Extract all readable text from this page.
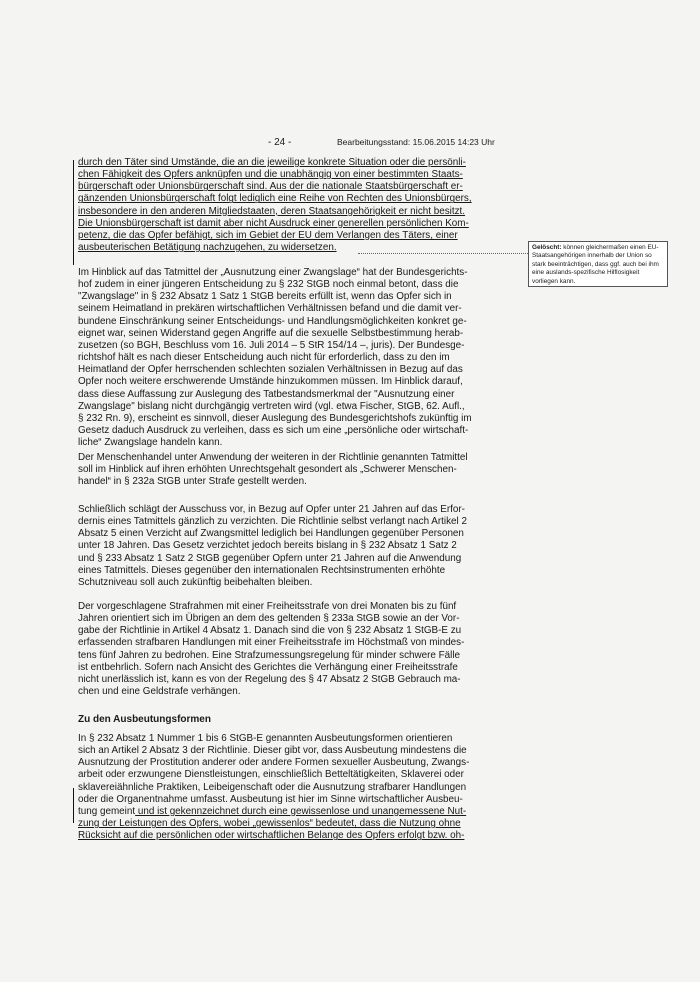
- 24 -	Bearbeitungsstand: 15.06.2015 14:23 Uhr
durch den Täter sind Umstände, die an die jeweilige konkrete Situation oder die persönli-
chen Fähigkeit des Opfers anknüpfen und die unabhängig von einer bestimmten Staats-
bürgerschaft oder Unionsbürgerschaft sind. Aus der die nationale Staatsbürgerschaft er-
gänzenden Unionsbürgerschaft folgt lediglich eine Reihe von Rechten des Unionsbürgers,
insbesondere in den anderen Mitgliedstaaten, deren Staatsangehörigkeit er nicht besitzt.
Die Unionsbürgerschaft ist damit aber nicht Ausdruck einer generellen persönlichen Kom-
petenz, die das Opfer befähigt, sich im Gebiet der EU dem Verlangen des Täters, einer
ausbeuterischen Betätigung nachzugehen, zu widersetzen.	Gelöscht: können gleichermaßen einen EU-Staatsangehörigen innerhalb der Union so stark beeinträchtigen, dass ggf. auch bei ihm eine auslands-spezifische Hilflosigkeit vorliegen kann.
Im Hinblick auf das Tatmittel der „Ausnutzung einer Zwangslage“ hat der Bundesgerichts-
hof zudem in einer jüngeren Entscheidung zu § 232 StGB noch einmal betont, dass die
"Zwangslage" in § 232 Absatz 1 Satz 1 StGB bereits erfüllt ist, wenn das Opfer sich in
seinem Heimatland in prekären wirtschaftlichen Verhältnissen befand und die damit ver-
bundene Einschränkung seiner Entscheidungs- und Handlungsmöglichkeiten konkret ge-
eignet war, seinen Widerstand gegen Angriffe auf die sexuelle Selbstbestimmung herab-
zusetzen (so BGH, Beschluss vom 16. Juli 2014 – 5 StR 154/14 –, juris). Der Bundesge-
richtshof hält es nach dieser Entscheidung auch nicht für erforderlich, dass zu den im
Heimatland der Opfer herrschenden schlechten sozialen Verhältnissen in Bezug auf das
Opfer noch weitere erschwerende Umstände hinzukommen müssen. Im Hinblick darauf,
dass diese Auffassung zur Auslegung des Tatbestandsmerkmal der "Ausnutzung einer
Zwangslage" bislang nicht durchgängig vertreten wird (vgl. etwa Fischer, StGB, 62. Aufl.,
§ 232 Rn. 9), erscheint es sinnvoll, dieser Auslegung des Bundesgerichtshofs zukünftig im
Gesetz daduch Ausdruck zu verleihen, dass es sich um eine „persönliche oder wirtschaft-
liche“ Zwangslage handeln kann.
Der Menschenhandel unter Anwendung der weiteren in der Richtlinie genannten Tatmittel
soll im Hinblick auf ihren erhöhten Unrechtsgehalt gesondert als „Schwerer Menschen-
handel“ in § 232a StGB unter Strafe gestellt werden.
Schließlich schlägt der Ausschuss vor, in Bezug auf Opfer unter 21 Jahren auf das Erfor-
dernis eines Tatmittels gänzlich zu verzichten. Die Richtlinie selbst verlangt nach Artikel 2
Absatz 5 einen Verzicht auf Zwangsmittel lediglich bei Handlungen gegenüber Personen
unter 18 Jahren. Das Gesetz verzichtet jedoch bereits bislang in § 232 Absatz 1 Satz 2
und § 233 Absatz 1 Satz 2 StGB gegenüber Opfern unter 21 Jahren auf die Anwendung
eines Tatmittels. Dieses gegenüber den internationalen Rechtsinstrumenten erhöhte
Schutzniveau soll auch zukünftig beibehalten bleiben.
Der vorgeschlagene Strafrahmen mit einer Freiheitsstrafe von drei Monaten bis zu fünf
Jahren orientiert sich im Übrigen an dem des geltenden § 233a StGB sowie an der Vor-
gabe der Richtlinie in Artikel 4 Absatz 1. Danach sind die von § 232 Absatz 1 StGB-E zu
erfassenden strafbaren Handlungen mit einer Freiheitsstrafe im Höchstmaß von mindes-
tens fünf Jahren zu bedrohen. Eine Strafzumessungsregelung für minder schwere Fälle
ist entbehrlich. Sofern nach Ansicht des Gerichtes die Verhängung einer Freiheitsstrafe
nicht unerlässlich ist, kann es von der Regelung des § 47 Absatz 2 StGB Gebrauch ma-
chen und eine Geldstrafe verhängen.
Zu den Ausbeutungsformen
In § 232 Absatz 1 Nummer 1 bis 6 StGB-E genannten Ausbeutungsformen orientieren
sich an Artikel 2 Absatz 3 der Richtlinie. Dieser gibt vor, dass Ausbeutung mindestens die
Ausnutzung der Prostitution anderer oder andere Formen sexueller Ausbeutung, Zwangs-
arbeit oder erzwungene Dienstleistungen, einschließlich Betteltätigkeiten, Sklaverei oder
sklavereiähnliche Praktiken, Leibeigenschaft oder die Ausnutzung strafbarer Handlungen
oder die Organentnahme umfasst. Ausbeutung ist hier im Sinne wirtschaftlicher Ausbeu-
tung gemeint und ist gekennzeichnet durch eine gewissenlose und unangemessene Nut-
zung der Leistungen des Opfers, wobei „gewissenlos“ bedeutet, dass die Nutzung ohne
Rücksicht auf die persönlichen oder wirtschaftlichen Belange des Opfers erfolgt bzw. oh-
